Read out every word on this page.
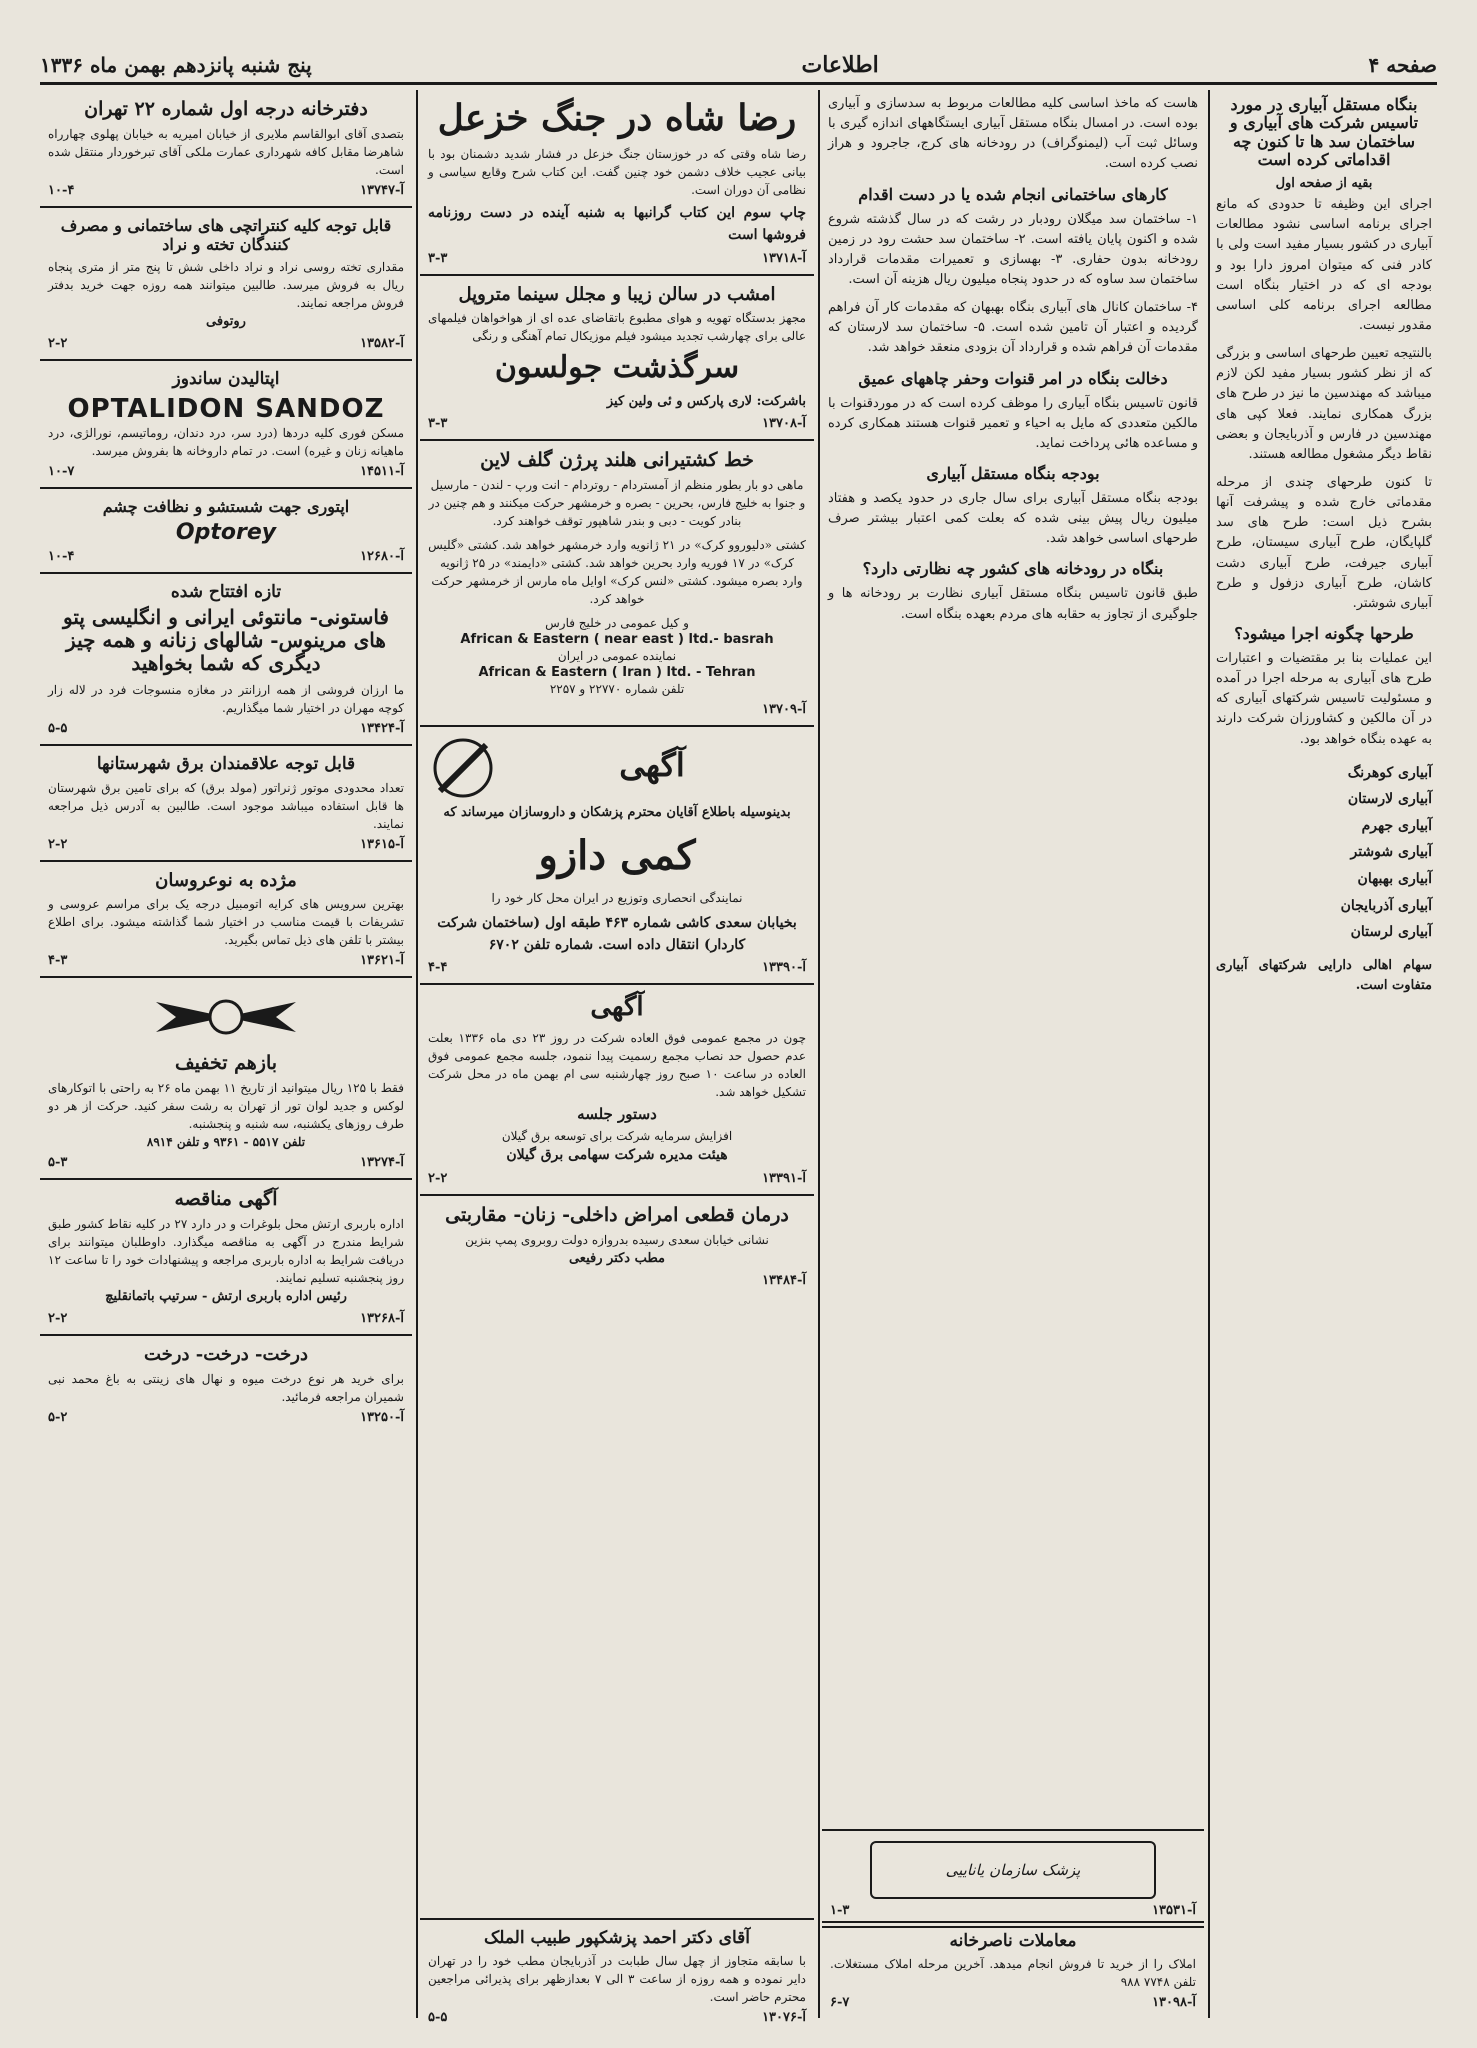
صفحه ۴
اطلاعات
پنج شنبه پانزدهم بهمن ماه ۱۳۳۶
بنگاه مستقل آبیاری در مورد تاسیس شرکت های آبیاری و ساختمان سد ها تا کنون چه اقداماتی کرده است
بقیه از صفحه اول

اجرای این وظیفه تا حدودی که مانع اجرای برنامه اساسی نشود مطالعات آبیاری در کشور بسیار مفید است ولی با کادر فنی که میتوان امروز دارا بود و بودجه ای که در اختیار بنگاه است مطالعه اجرای برنامه کلی اساسی مقدور نیست.

بالنتیجه تعیین طرحهای اساسی و بزرگی که از نظر کشور بسیار مفید لکن لازم میباشد که مهندسین ما نیز در طرح های بزرگ همکاری نمایند. فعلا کپی های مهندسین در فارس و آذربایجان و بعضی نقاط دیگر مشغول مطالعه هستند.

تا کنون طرحهای چندی از مرحله مقدماتی خارج شده و پیشرفت آنها بشرح ذیل است: طرح های سد گلپایگان، طرح آبیاری سیستان، طرح آبیاری جیرفت، طرح آبیاری دشت کاشان، طرح آبیاری دزفول و طرح آبیاری شوشتر.

طرحها چگونه اجرا میشود؟

این عملیات بنا بر مقتضیات و اعتبارات طرح های آبیاری به مرحله اجرا در آمده و مسئولیت تاسیس شرکتهای آبیاری که در آن مالکین و کشاورزان شرکت دارند به عهده بنگاه خواهد بود.

آبیاری کوهرنگ
آبیاری لارستان
آبیاری جهرم
آبیاری شوشتر
آبیاری بهبهان
آبیاری آذربایجان
آبیاری لرستان

سهام اهالی دارایی شرکتهای آبیاری متفاوت است.

هاست که ماخذ اساسی کلیه مطالعات مربوط به سدسازی و آبیاری بوده است. در امسال بنگاه مستقل آبیاری ایستگاههای اندازه گیری با وسائل ثبت آب (لیمنوگراف) در رودخانه های کرج، جاجرود و هراز نصب کرده است.

کارهای ساختمانی انجام شده یا در دست اقدام

۱- ساختمان سد میگلان رودبار در رشت که در سال گذشته شروع شده و اکنون پایان یافته است. ۲- ساختمان سد حشت رود در زمین رودخانه بدون حفاری. ۳- بهسازی و تعمیرات مقدمات قرارداد ساختمان سد ساوه که در حدود پنجاه میلیون ریال هزینه آن است.

۴- ساختمان کانال های آبیاری بنگاه بهبهان که مقدمات کار آن فراهم گردیده و اعتبار آن تامین شده است. ۵- ساختمان سد لارستان که مقدمات آن فراهم شده و قرارداد آن بزودی منعقد خواهد شد.

دخالت بنگاه در امر قنوات وحفر چاههای عمیق

قانون تاسیس بنگاه آبیاری را موظف کرده است که در موردقنوات با مالکین متعددی که مایل به احیاء و تعمیر قنوات هستند همکاری کرده و مساعده هائی پرداخت نماید.

بودجه بنگاه مستقل آبیاری

بودجه بنگاه مستقل آبیاری برای سال جاری در حدود یکصد و هفتاد میلیون ریال پیش بینی شده که بعلت کمی اعتبار بیشتر صرف طرحهای اساسی خواهد شد.

بنگاه در رودخانه های کشور چه نظارتی دارد؟

طبق قانون تاسیس بنگاه مستقل آبیاری نظارت بر رودخانه ها و جلوگیری از تجاوز به حقابه های مردم بعهده بنگاه است.

پزشک سازمان یاناییی
آ-۱۳۵۳۱
۱-۳
معاملات ناصرخانه

املاک را از خرید تا فروش انجام میدهد. آخرین مرحله املاک مستغلات. تلفن ۷۷۴۸ ۹۸۸

آ-۱۳۰۹۸
۶-۷
رضا شاه در جنگ خزعل

رضا شاه وقتی که در خوزستان جنگ خزعل در فشار شدید دشمنان بود با بیانی عجیب خلاف دشمن خود چنین گفت. این کتاب شرح وقایع سیاسی و نظامی آن دوران است.

چاپ سوم این کتاب گرانبها به شنبه آینده در دست روزنامه فروشها است

آ-۱۳۷۱۸
۳-۳
امشب در سالن زیبا و مجلل سینما متروپل

مجهز بدستگاه تهویه و هوای مطبوع باتقاضای عده ای از هواخواهان فیلمهای عالی برای چهارشب تجدید میشود فیلم موزیکال تمام آهنگی و رنگی

سرگذشت جولسون

باشرکت: لاری پارکس و ئی ولین کیز

آ-۱۳۷۰۸
۳-۳
خط کشتیرانی هلند پرژن گلف لاین

ماهی دو بار بطور منظم از آمستردام - روتردام - انت ورپ - لندن - مارسیل و جنوا به خلیج فارس، بحرین - بصره و خرمشهر حرکت میکنند و هم چنین در بنادر کویت - دبی و بندر شاهپور توقف خواهند کرد.

کشتی «دلیوروو کرک» در ۲۱ ژانویه وارد خرمشهر خواهد شد. کشتی «گلیس کرک» در ۱۷ فوریه وارد بحرین خواهد شد. کشتی «دایمند» در ۲۵ ژانویه وارد بصره میشود. کشتی «لنس کرک» اوایل ماه مارس از خرمشهر حرکت خواهد کرد.

و کیل عمومی در خلیج فارس

African & Eastern ( near east ) ltd.- basrah

نماینده عمومی در ایران

African & Eastern ( Iran ) ltd. - Tehran

تلفن شماره ۲۲۷۷۰ و ۲۲۵۷

آ-۱۳۷۰۹
آگهی

بدینوسیله باطلاع آقایان محترم پزشکان و داروسازان میرساند که

کمی دازو

نمایندگی انحصاری وتوزیع در ایران محل کار خود را

بخیابان سعدی کاشی شماره ۴۶۳ طبقه اول (ساختمان شرکت کاردار) انتقال داده است. شماره تلفن ۶۷۰۲

آ-۱۳۳۹۰
۴-۴
آگهی

چون در مجمع عمومی فوق العاده شرکت در روز ۲۳ دی ماه ۱۳۳۶ بعلت عدم حصول حد نصاب مجمع رسمیت پیدا ننمود، جلسه مجمع عمومی فوق العاده در ساعت ۱۰ صبح روز چهارشنبه سی ام بهمن ماه در محل شرکت تشکیل خواهد شد.

دستور جلسه

افزایش سرمایه شرکت برای توسعه برق گیلان

هیئت مدیره شرکت سهامی برق گیلان

آ-۱۳۳۹۱
۲-۲
درمان قطعی امراض داخلی- زنان- مقاربتی

نشانی خیابان سعدی رسیده بدروازه دولت روبروی پمپ بنزین

مطب دکتر رفیعی

آ-۱۳۴۸۴
دفترخانه درجه اول شماره ۲۲ تهران

بتصدی آقای ابوالقاسم ملایری از خیابان امیریه به خیابان پهلوی چهارراه شاهرضا مقابل کافه شهرداری عمارت ملکی آقای تبرخوردار منتقل شده است.

آ-۱۳۷۴۷
۱۰-۴
قابل توجه کلیه کنتراتچی های ساختمانی و مصرف کنندگان تخته و نراد

مقداری تخته روسی نراد و نراد داخلی شش تا پنج متر از متری پنجاه ریال به فروش میرسد. طالبین میتوانند همه روزه جهت خرید بدفتر فروش مراجعه نمایند.

روتوفی

آ-۱۳۵۸۲
۲-۲
اپتالیدن ساندوز
OPTALIDON SANDOZ

مسکن فوری کلیه دردها (درد سر، درد دندان، روماتیسم، نورالژی، درد ماهیانه زنان و غیره) است. در تمام داروخانه ها بفروش میرسد.

آ-۱۴۵۱۱
۱۰-۷
اپتوری جهت شستشو و نظافت چشم
Optorey
آ-۱۲۶۸۰
۱۰-۴
تازه افتتاح شده
فاستونی- مانتوئی ایرانی و انگلیسی پتو های مرینوس- شالهای زنانه و همه چیز دیگری که شما بخواهید

ما ارزان فروشی از همه ارزانتر در مغازه منسوجات فرد در لاله زار کوچه مهران در اختیار شما میگذاریم.

آ-۱۳۴۲۴
۵-۵
قابل توجه علاقمندان برق شهرستانها

تعداد محدودی موتور ژنراتور (مولد برق) که برای تامین برق شهرستان ها قابل استفاده میباشد موجود است. طالبین به آدرس ذیل مراجعه نمایند.

آ-۱۳۶۱۵
۲-۲
مژده به نوعروسان

بهترین سرویس های کرایه اتومبیل درجه یک برای مراسم عروسی و تشریفات با قیمت مناسب در اختیار شما گذاشته میشود. برای اطلاع بیشتر با تلفن های ذیل تماس بگیرید.

آ-۱۳۶۲۱
۴-۳
بازهم تخفیف

فقط با ۱۲۵ ریال میتوانید از تاریخ ۱۱ بهمن ماه ۲۶ به راحتی با اتوکارهای لوکس و جدید لوان تور از تهران به رشت سفر کنید. حرکت از هر دو طرف روزهای یکشنبه، سه شنبه و پنجشنبه.

تلفن ۵۵۱۷ - ۹۳۶۱ و تلفن ۸۹۱۴

آ-۱۳۲۷۴
۵-۳
آگهی مناقصه

اداره باربری ارتش محل بلوغرات و در دارد ۲۷ در کلیه نقاط کشور طبق شرایط مندرج در آگهی به مناقصه میگذارد. داوطلبان میتوانند برای دریافت شرایط به اداره باربری مراجعه و پیشنهادات خود را تا ساعت ۱۲ روز پنجشنبه تسلیم نمایند.

رئیس اداره باربری ارتش - سرتیپ باتمانقلیچ

آ-۱۳۲۶۸
۲-۲
درخت- درخت- درخت

برای خرید هر نوع درخت میوه و نهال های زینتی به باغ محمد نبی شمیران مراجعه فرمائید.

آ-۱۳۲۵۰
۵-۲
آقای دکتر احمد پزشکپور طبیب الملک

با سابقه متجاوز از چهل سال طبابت در آذربایجان مطب خود را در تهران دایر نموده و همه روزه از ساعت ۳ الی ۷ بعدازظهر برای پذیرائی مراجعین محترم حاضر است.

آ-۱۳۰۷۶
۵-۵
